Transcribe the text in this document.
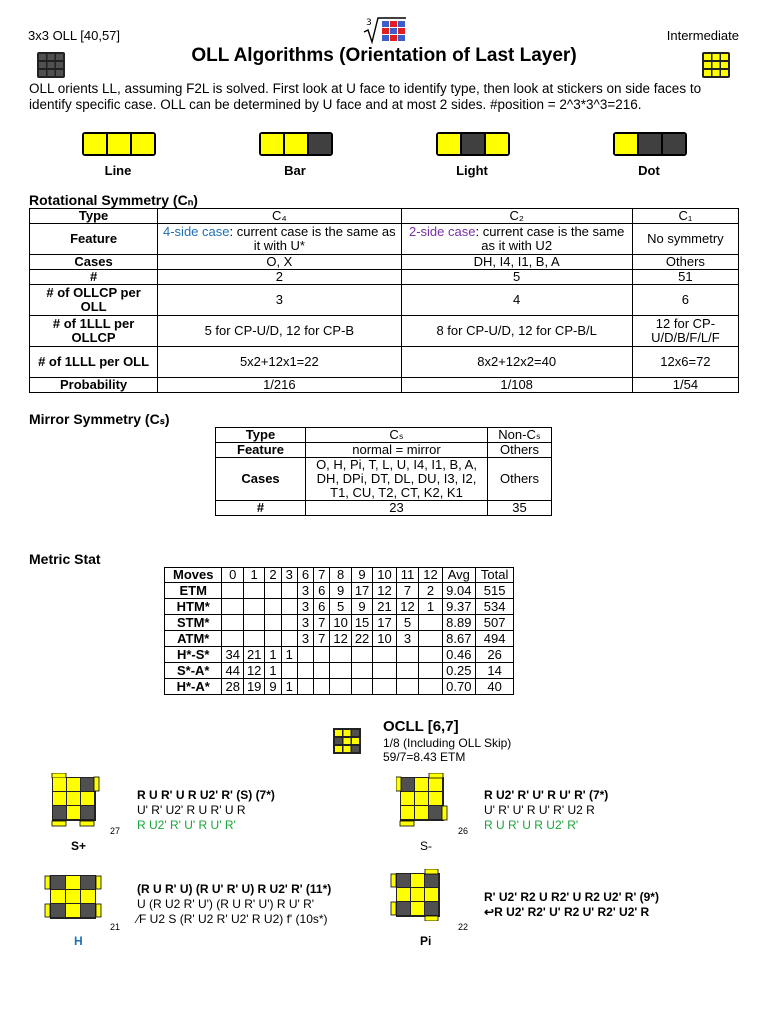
3x3 OLL [40,57]	Intermediate
3
OLL Algorithms (Orientation of Last Layer)
OLL orients LL, assuming F2L is solved. First look at U face to identify type, then look at stickers on side faces to identify specific case. OLL can be determined by U face and at most 2 sides. #position = 2^3*3^3=216.
Line	Bar	Light	Dot
Rotational Symmetry (Cₙ)
Type	C₄	C₂	C₁
Feature	4-side case: current case is the same as it with U*	2-side case: current case is the same as it with U2	No symmetry
Cases	O, X	DH, I4, I1, B, A	Others
#	2	5	51
# of OLLCP per OLL	3	4	6
# of 1LLL per OLLCP	5 for CP-U/D, 12 for CP-B	8 for CP-U/D, 12 for CP-B/L	12 for CP-U/D/B/F/L/F
# of 1LLL per OLL	5x2+12x1=22	8x2+12x2=40	12x6=72
Probability	1/216	1/108	1/54
Mirror Symmetry (Cₛ)
Type	Cₛ	Non-Cₛ
Feature	normal = mirror	Others
Cases	O, H, Pi, T, L, U, I4, I1, B, A, DH, DPi, DT, DL, DU, I3, I2, T1, CU, T2, CT, K2, K1	Others
#	23	35
Metric Stat
Moves	0	1	2	3	6	7	8	9	10	11	12	Avg	Total
ETM					3	6	9	17	12	7	2	9.04	515
HTM*					3	6	5	9	21	12	1	9.37	534
STM*					3	7	10	15	17	5		8.89	507
ATM*					3	7	12	22	10	3		8.67	494
H*-S*	34	21	1	1								0.46	26
S*-A*	44	12	1									0.25	14
H*-A*	28	19	9	1								0.70	40
OCLL [6,7]
1/8 (Including OLL Skip)
59/7=8.43 ETM
27
S+
R U R' U R U2' R' (S) (7*)
U' R' U2' R U R' U R
R U2' R' U' R U' R'	26
S-
R U2' R' U' R U' R' (7*)
U' R' U' R U' R' U2 R
R U R' U R U2' R'
21
H
(R U R' U) (R U' R' U) R U2' R' (11*)
U (R U2 R' U') (R U R' U') R U' R'
⁄F U2 S (R' U2 R' U2' R U2) f' (10s*)
22
Pi
R' U2' R2 U R2' U R2 U2' R' (9*)
↩R U2' R2' U' R2 U' R2' U2' R
